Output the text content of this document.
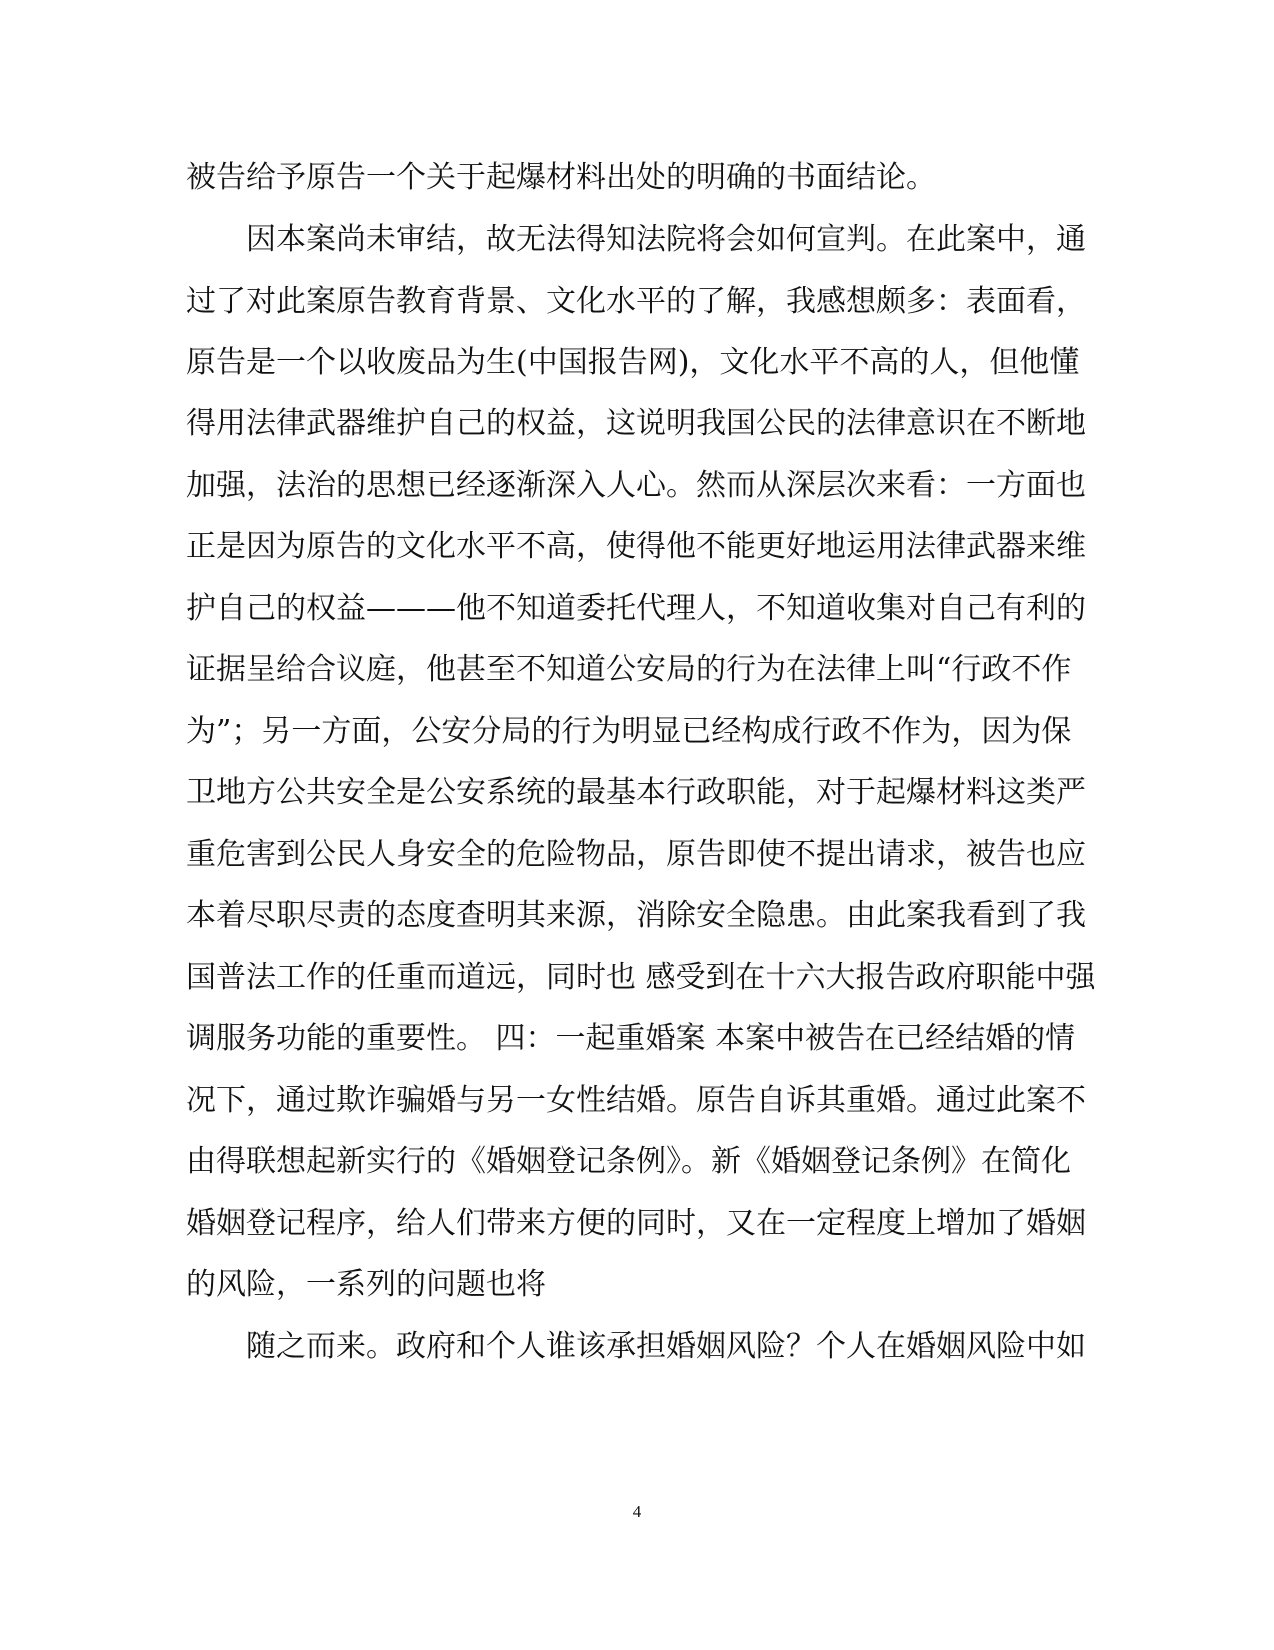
被告给予原告一个关于起爆材料出处的明确的书面结论。
因本案尚未审结，故无法得知法院将会如何宣判。在此案中，通
过了对此案原告教育背景、文化水平的了解，我感想颇多：表面看，
原告是一个以收废品为生(中国报告网)，文化水平不高的人，但他懂
得用法律武器维护自己的权益，这说明我国公民的法律意识在不断地
加强，法治的思想已经逐渐深入人心。然而从深层次来看：一方面也
正是因为原告的文化水平不高，使得他不能更好地运用法律武器来维
护自己的权益———他不知道委托代理人，不知道收集对自己有利的
证据呈给合议庭，他甚至不知道公安局的行为在法律上叫“行政不作
为”；另一方面，公安分局的行为明显已经构成行政不作为，因为保
卫地方公共安全是公安系统的最基本行政职能，对于起爆材料这类严
重危害到公民人身安全的危险物品，原告即使不提出请求，被告也应
本着尽职尽责的态度查明其来源，消除安全隐患。由此案我看到了我
国普法工作的任重而道远，同时也 感受到在十六大报告政府职能中强
调服务功能的重要性。 四：一起重婚案 本案中被告在已经结婚的情
况下，通过欺诈骗婚与另一女性结婚。原告自诉其重婚。通过此案不
由得联想起新实行的《婚姻登记条例》。新《婚姻登记条例》在简化
婚姻登记程序，给人们带来方便的同时，又在一定程度上增加了婚姻
的风险，一系列的问题也将
随之而来。政府和个人谁该承担婚姻风险？个人在婚姻风险中如
4
